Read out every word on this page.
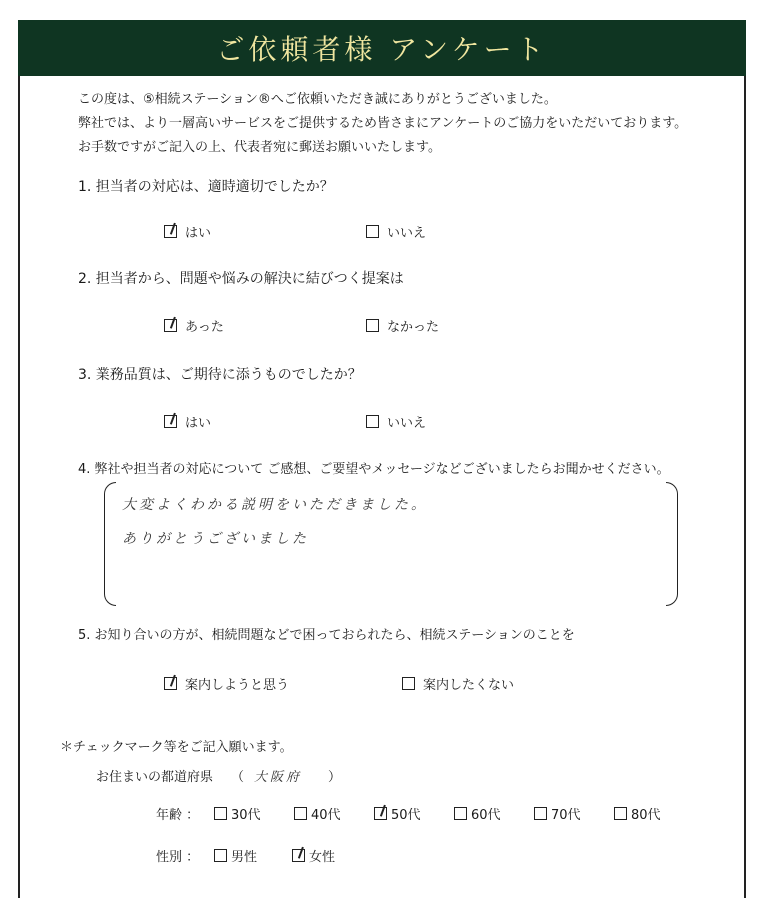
ご依頼者様 アンケート
この度は、⑤相続ステーション®へご依頼いただき誠にありがとうございました。
弊社では、より一層高いサービスをご提供するため皆さまにアンケートのご協力をいただいております。
お手数ですがご記入の上、代表者宛に郵送お願いいたします。
1. 担当者の対応は、適時適切でしたか？
はい	いいえ
2. 担当者から、問題や悩みの解決に結びつく提案は
あった	なかった
3. 業務品質は、ご期待に添うものでしたか？
はい	いいえ
4. 弊社や担当者の対応について ご感想、ご要望やメッセージなどございましたらお聞かせください。
大変よくわかる説明をいただきました。
ありがとうございました
5. お知り合いの方が、相続問題などで困っておられたら、相続ステーションのことを
案内しようと思う	案内したくない
＊チェックマーク等をご記入願います。
お住まいの都道府県 （ 大阪府 ）
年齢 ： 30代	40代	50代	60代	70代	80代
性別 ： 男性	女性
